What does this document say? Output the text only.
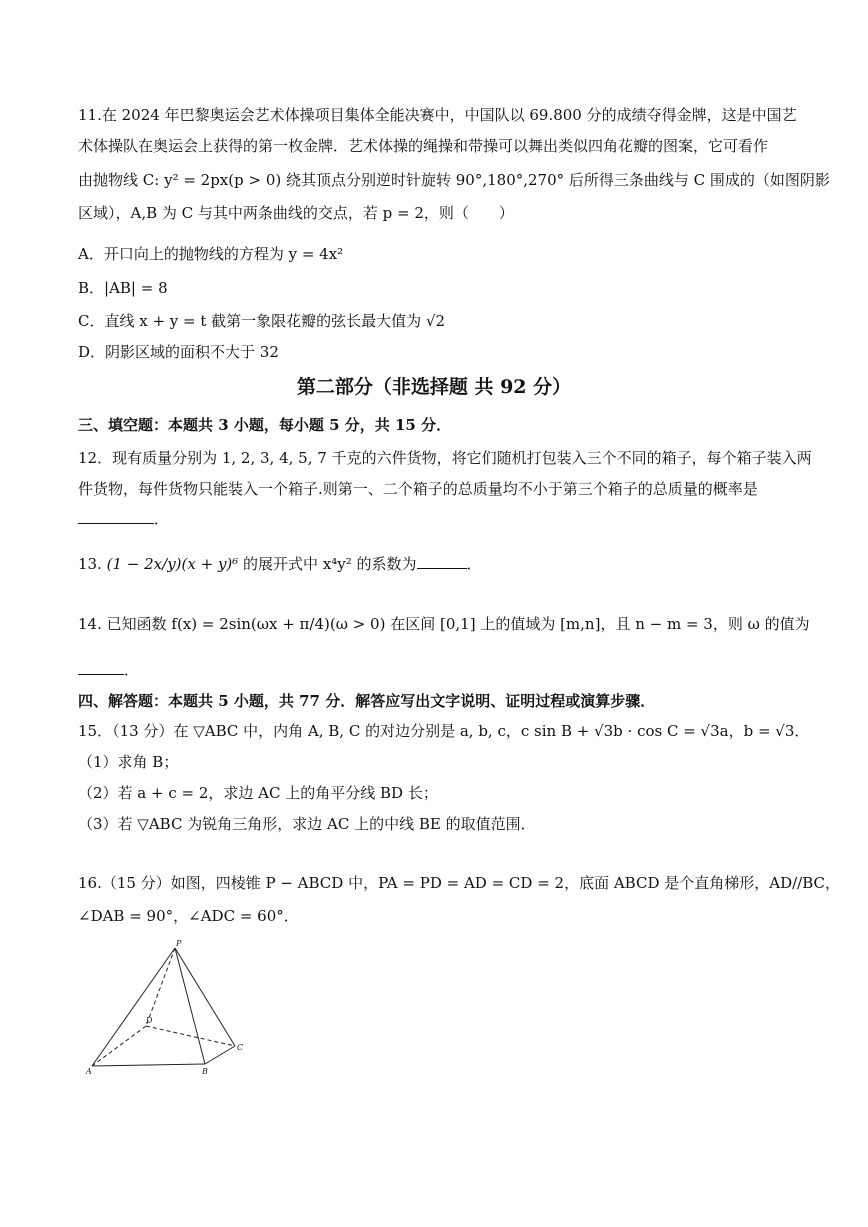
11.在 2024 年巴黎奥运会艺术体操项目集体全能决赛中，中国队以 69.800 分的成绩夺得金牌，这是中国艺
术体操队在奥运会上获得的第一枚金牌．艺术体操的绳操和带操可以舞出类似四角花瓣的图案，它可看作
由抛物线 C: y² = 2px(p > 0) 绕其顶点分别逆时针旋转 90°,180°,270° 后所得三条曲线与 C 围成的（如图阴影
区域），A,B 为 C 与其中两条曲线的交点，若 p = 2，则（　　）
A．开口向上的抛物线的方程为 y = 4x²
B．|AB| = 8
C．直线 x + y = t 截第一象限花瓣的弦长最大值为 √2
D．阴影区域的面积不大于 32
第二部分（非选择题 共 92 分）
三、填空题：本题共 3 小题，每小题 5 分，共 15 分．
12．现有质量分别为 1, 2, 3, 4, 5, 7 千克的六件货物，将它们随机打包装入三个不同的箱子，每个箱子装入两
件货物，每件货物只能装入一个箱子.则第一、二个箱子的总质量均不小于第三个箱子的总质量的概率是
．
13. (1 − 2x/y)(x + y)⁶ 的展开式中 x⁴y² 的系数为	．
14. 已知函数 f(x) = 2sin(ωx + π/4)(ω > 0) 在区间 [0,1] 上的值域为 [m,n]，且 n − m = 3，则 ω 的值为
．
四、解答题：本题共 5 小题，共 77 分．解答应写出文字说明、证明过程或演算步骤．
15．（13 分）在 ▽ABC 中，内角 A, B, C 的对边分别是 a, b, c，c sin B + √3b · cos C = √3a，b = √3．
（1）求角 B；
（2）若 a + c = 2，求边 AC 上的角平分线 BD 长；
（3）若 ▽ABC 为锐角三角形，求边 AC 上的中线 BE 的取值范围．
16.（15 分）如图，四棱锥 P − ABCD 中，PA = PD = AD = CD = 2，底面 ABCD 是个直角梯形，AD//BC，
∠DAB = 90°，∠ADC = 60°．
P
D
C
A	B
